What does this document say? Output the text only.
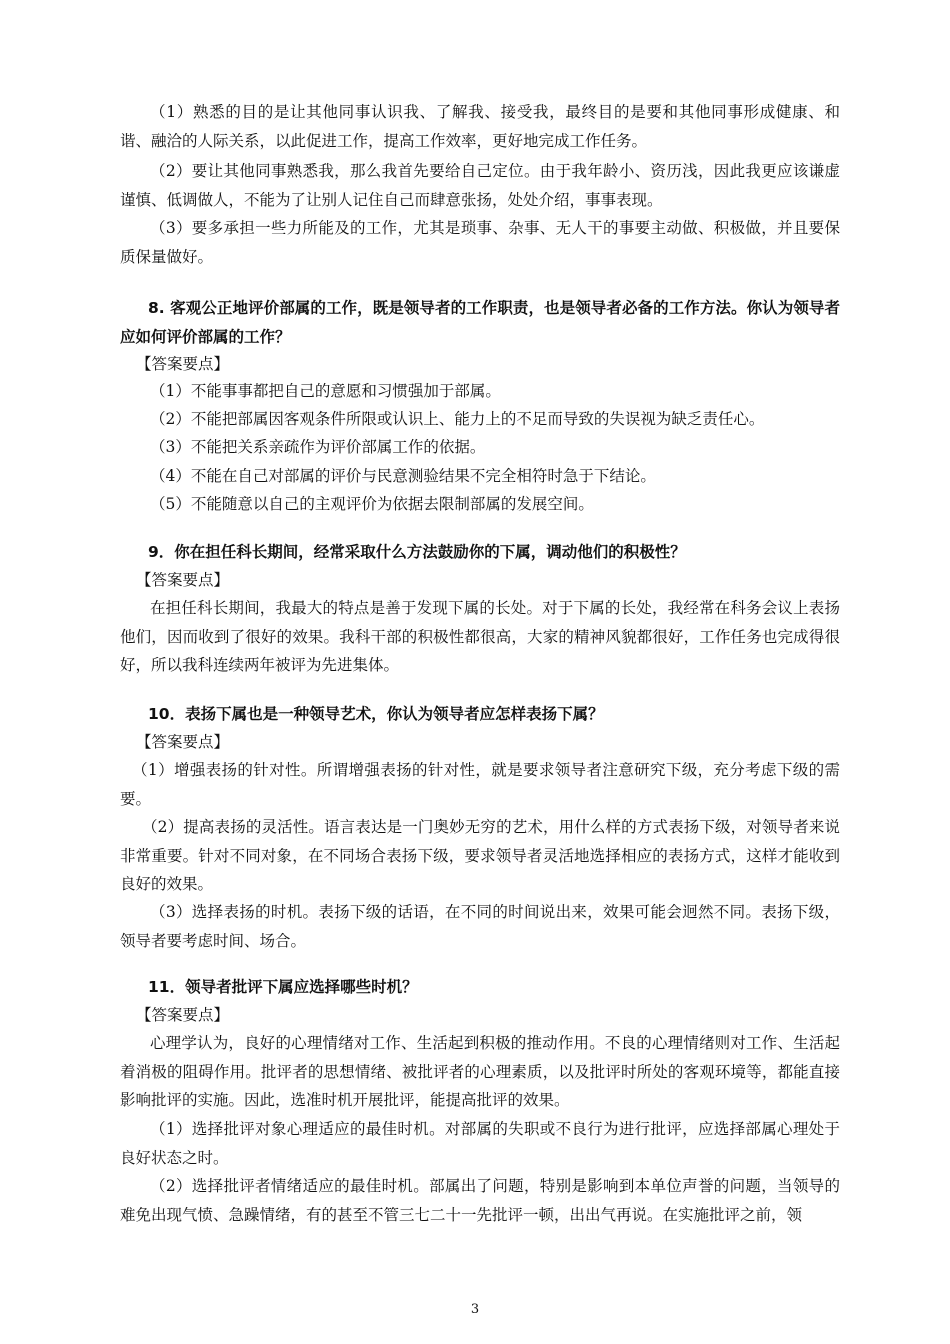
（1）熟悉的目的是让其他同事认识我、了解我、接受我，最终目的是要和其他同事形成健康、和谐、融洽的人际关系，以此促进工作，提高工作效率，更好地完成工作任务。

（2）要让其他同事熟悉我，那么我首先要给自己定位。由于我年龄小、资历浅，因此我更应该谦虚谨慎、低调做人，不能为了让别人记住自己而肆意张扬，处处介绍，事事表现。

（3）要多承担一些力所能及的工作，尤其是琐事、杂事、无人干的事要主动做、积极做，并且要保质保量做好。

8. 客观公正地评价部属的工作，既是领导者的工作职责，也是领导者必备的工作方法。你认为领导者应如何评价部属的工作？

【答案要点】

（1）不能事事都把自己的意愿和习惯强加于部属。

（2）不能把部属因客观条件所限或认识上、能力上的不足而导致的失误视为缺乏责任心。

（3）不能把关系亲疏作为评价部属工作的依据。

（4）不能在自己对部属的评价与民意测验结果不完全相符时急于下结论。

（5）不能随意以自己的主观评价为依据去限制部属的发展空间。

9．你在担任科长期间，经常采取什么方法鼓励你的下属，调动他们的积极性？

【答案要点】

在担任科长期间，我最大的特点是善于发现下属的长处。对于下属的长处，我经常在科务会议上表扬他们，因而收到了很好的效果。我科干部的积极性都很高，大家的精神风貌都很好，工作任务也完成得很好，所以我科连续两年被评为先进集体。

10．表扬下属也是一种领导艺术，你认为领导者应怎样表扬下属？

【答案要点】

（1）增强表扬的针对性。所谓增强表扬的针对性，就是要求领导者注意研究下级，充分考虑下级的需要。

（2）提高表扬的灵活性。语言表达是一门奥妙无穷的艺术，用什么样的方式表扬下级，对领导者来说非常重要。针对不同对象，在不同场合表扬下级，要求领导者灵活地选择相应的表扬方式，这样才能收到良好的效果。

（3）选择表扬的时机。表扬下级的话语，在不同的时间说出来，效果可能会迥然不同。表扬下级，领导者要考虑时间、场合。

11．领导者批评下属应选择哪些时机？

【答案要点】

心理学认为，良好的心理情绪对工作、生活起到积极的推动作用。不良的心理情绪则对工作、生活起着消极的阻碍作用。批评者的思想情绪、被批评者的心理素质，以及批评时所处的客观环境等，都能直接影响批评的实施。因此，选准时机开展批评，能提高批评的效果。

（1）选择批评对象心理适应的最佳时机。对部属的失职或不良行为进行批评，应选择部属心理处于良好状态之时。

（2）选择批评者情绪适应的最佳时机。部属出了问题，特别是影响到本单位声誉的问题，当领导的难免出现气愤、急躁情绪，有的甚至不管三七二十一先批评一顿，出出气再说。在实施批评之前，领

3
